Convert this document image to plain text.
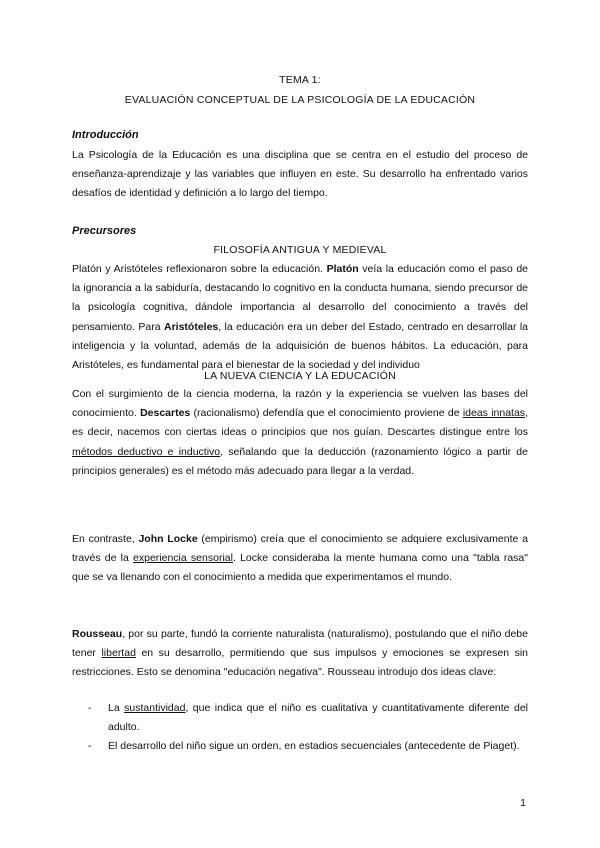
TEMA 1:
EVALUACIÓN CONCEPTUAL DE LA PSICOLOGÍA DE LA EDUCACIÓN
Introducción

La Psicología de la Educación es una disciplina que se centra en el estudio del proceso de enseñanza-aprendizaje y las variables que influyen en este. Su desarrollo ha enfrentado varios desafíos de identidad y definición a lo largo del tiempo.

Precursores
FILOSOFÍA ANTIGUA Y MEDIEVAL

Platón y Aristóteles reflexionaron sobre la educación. Platón veía la educación como el paso de la ignorancia a la sabiduría, destacando lo cognitivo en la conducta humana, siendo precursor de la psicología cognitiva, dándole importancia al desarrollo del conocimiento a través del pensamiento. Para Aristóteles, la educación era un deber del Estado, centrado en desarrollar la inteligencia y la voluntad, además de la adquisición de buenos hábitos. La educación, para Aristóteles, es fundamental para el bienestar de la sociedad y del individuo

LA NUEVA CIENCIA Y LA EDUCACIÓN

Con el surgimiento de la ciencia moderna, la razón y la experiencia se vuelven las bases del conocimiento. Descartes (racionalismo) defendía que el conocimiento proviene de ideas innatas, es decir, nacemos con ciertas ideas o principios que nos guían. Descartes distingue entre los métodos deductivo e inductivo, señalando que la deducción (razonamiento lógico a partir de principios generales) es el método más adecuado para llegar a la verdad.

En contraste, John Locke (empirismo) creía que el conocimiento se adquiere exclusivamente a través de la experiencia sensorial. Locke consideraba la mente humana como una "tabla rasa" que se va llenando con el conocimiento a medida que experimentamos el mundo.

Rousseau, por su parte, fundó la corriente naturalista (naturalismo), postulando que el niño debe tener libertad en su desarrollo, permitiendo que sus impulsos y emociones se expresen sin restricciones. Esto se denomina "educación negativa". Rousseau introdujo dos ideas clave:

- La sustantividad, que indica que el niño es cualitativa y cuantitativamente diferente del adulto.
- El desarrollo del niño sigue un orden, en estadios secuenciales (antecedente de Piaget).
1
